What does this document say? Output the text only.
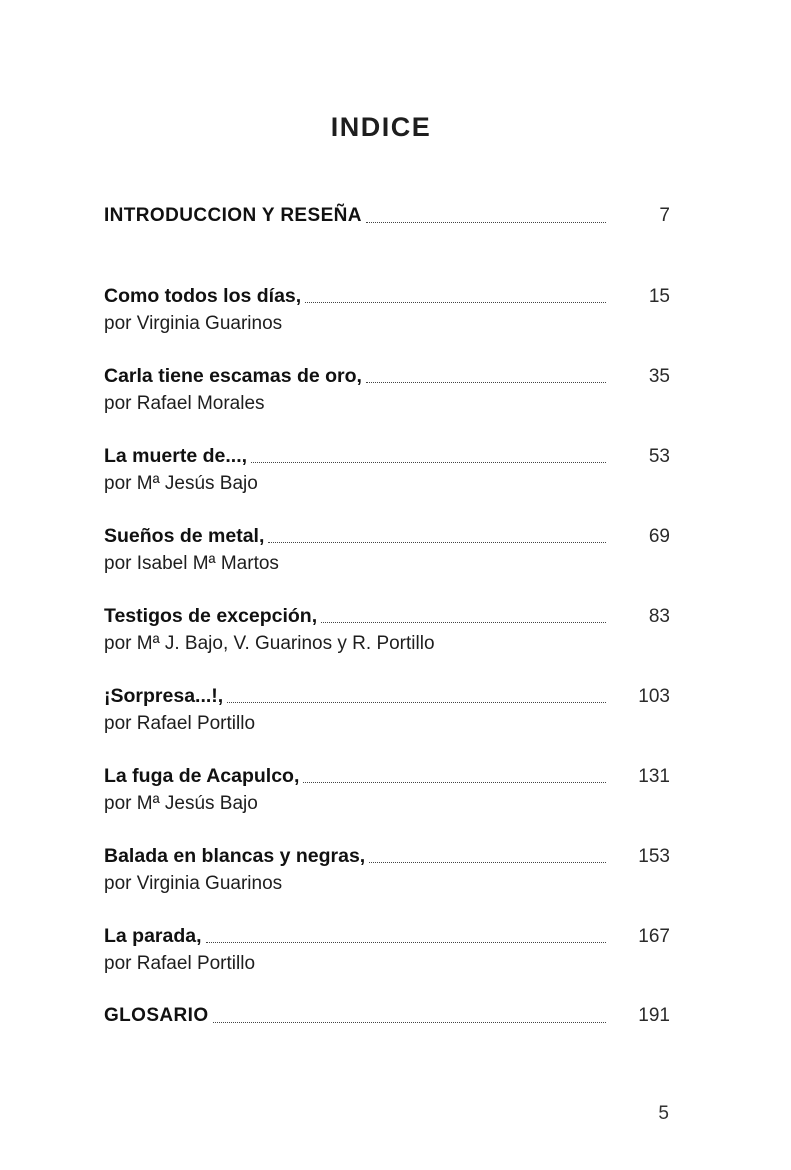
INDICE
INTRODUCCION Y RESEÑA	7
Como todos los días,	15
por Virginia Guarinos
Carla tiene escamas de oro,	35
por Rafael Morales
La muerte de...,	53
por Mª Jesús Bajo
Sueños de metal,	69
por Isabel Mª Martos
Testigos de excepción,	83
por Mª J. Bajo, V. Guarinos y R. Portillo
¡Sorpresa...!,	103
por Rafael Portillo
La fuga de Acapulco,	131
por Mª Jesús Bajo
Balada en blancas y negras,	153
por Virginia Guarinos
La parada,	167
por Rafael Portillo
GLOSARIO	191
5
